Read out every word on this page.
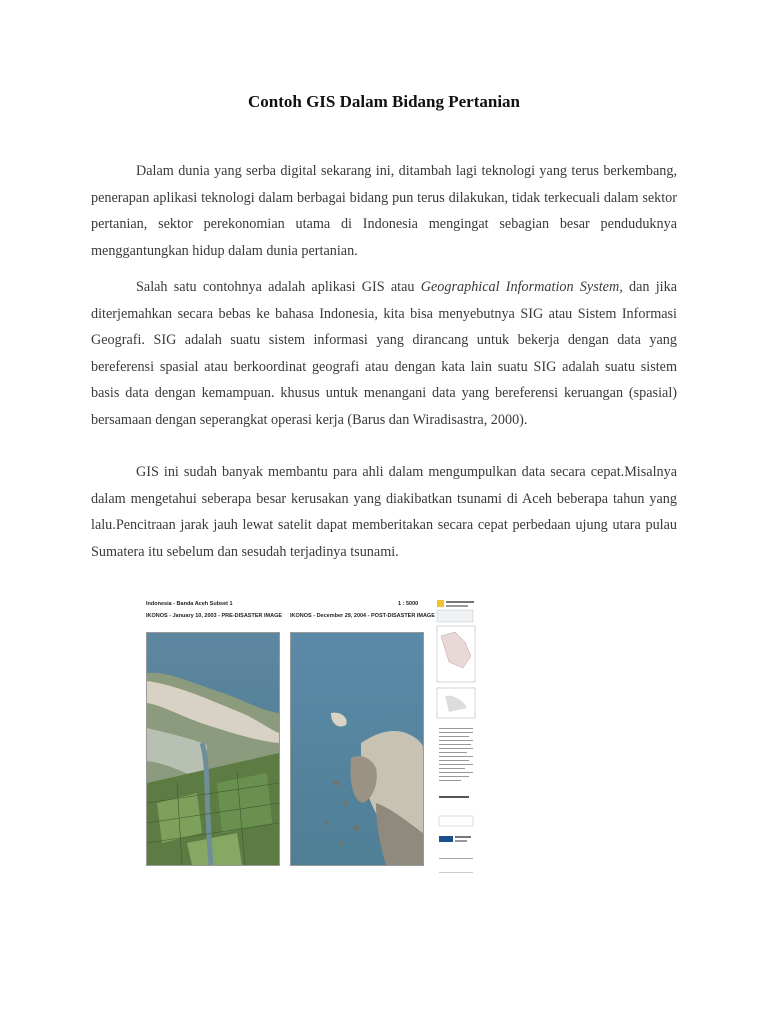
Contoh GIS Dalam Bidang Pertanian

Dalam dunia yang serba digital sekarang ini, ditambah lagi teknologi yang terus berkembang, penerapan aplikasi teknologi dalam berbagai bidang pun terus dilakukan, tidak terkecuali dalam sektor pertanian, sektor perekonomian utama di Indonesia mengingat sebagian besar penduduknya menggantungkan hidup dalam dunia pertanian.

Salah satu contohnya adalah aplikasi GIS atau Geographical Information System, dan jika diterjemahkan secara bebas ke bahasa Indonesia, kita bisa menyebutnya SIG atau Sistem Informasi Geografi. SIG adalah suatu sistem informasi yang dirancang untuk bekerja dengan data yang bereferensi spasial atau berkoordinat geografi atau dengan kata lain suatu SIG adalah suatu sistem basis data dengan kemampuan. khusus untuk menangani data yang bereferensi keruangan (spasial) bersamaan dengan seperangkat operasi kerja (Barus dan Wiradisastra, 2000).

GIS ini sudah banyak membantu para ahli dalam mengumpulkan data secara cepat.Misalnya dalam mengetahui seberapa besar kerusakan yang diakibatkan tsunami di Aceh beberapa tahun yang lalu.Pencitraan jarak jauh lewat satelit dapat memberitakan secara cepat perbedaan ujung utara pulau Sumatera itu sebelum dan sesudah terjadinya tsunami.

Indonesia - Banda Aceh Subset 1	1 : 5000
IKONOS - January 10, 2003 - PRE-DISASTER IMAGE IKONOS - December 29, 2004 - POST-DISASTER IMAGE
